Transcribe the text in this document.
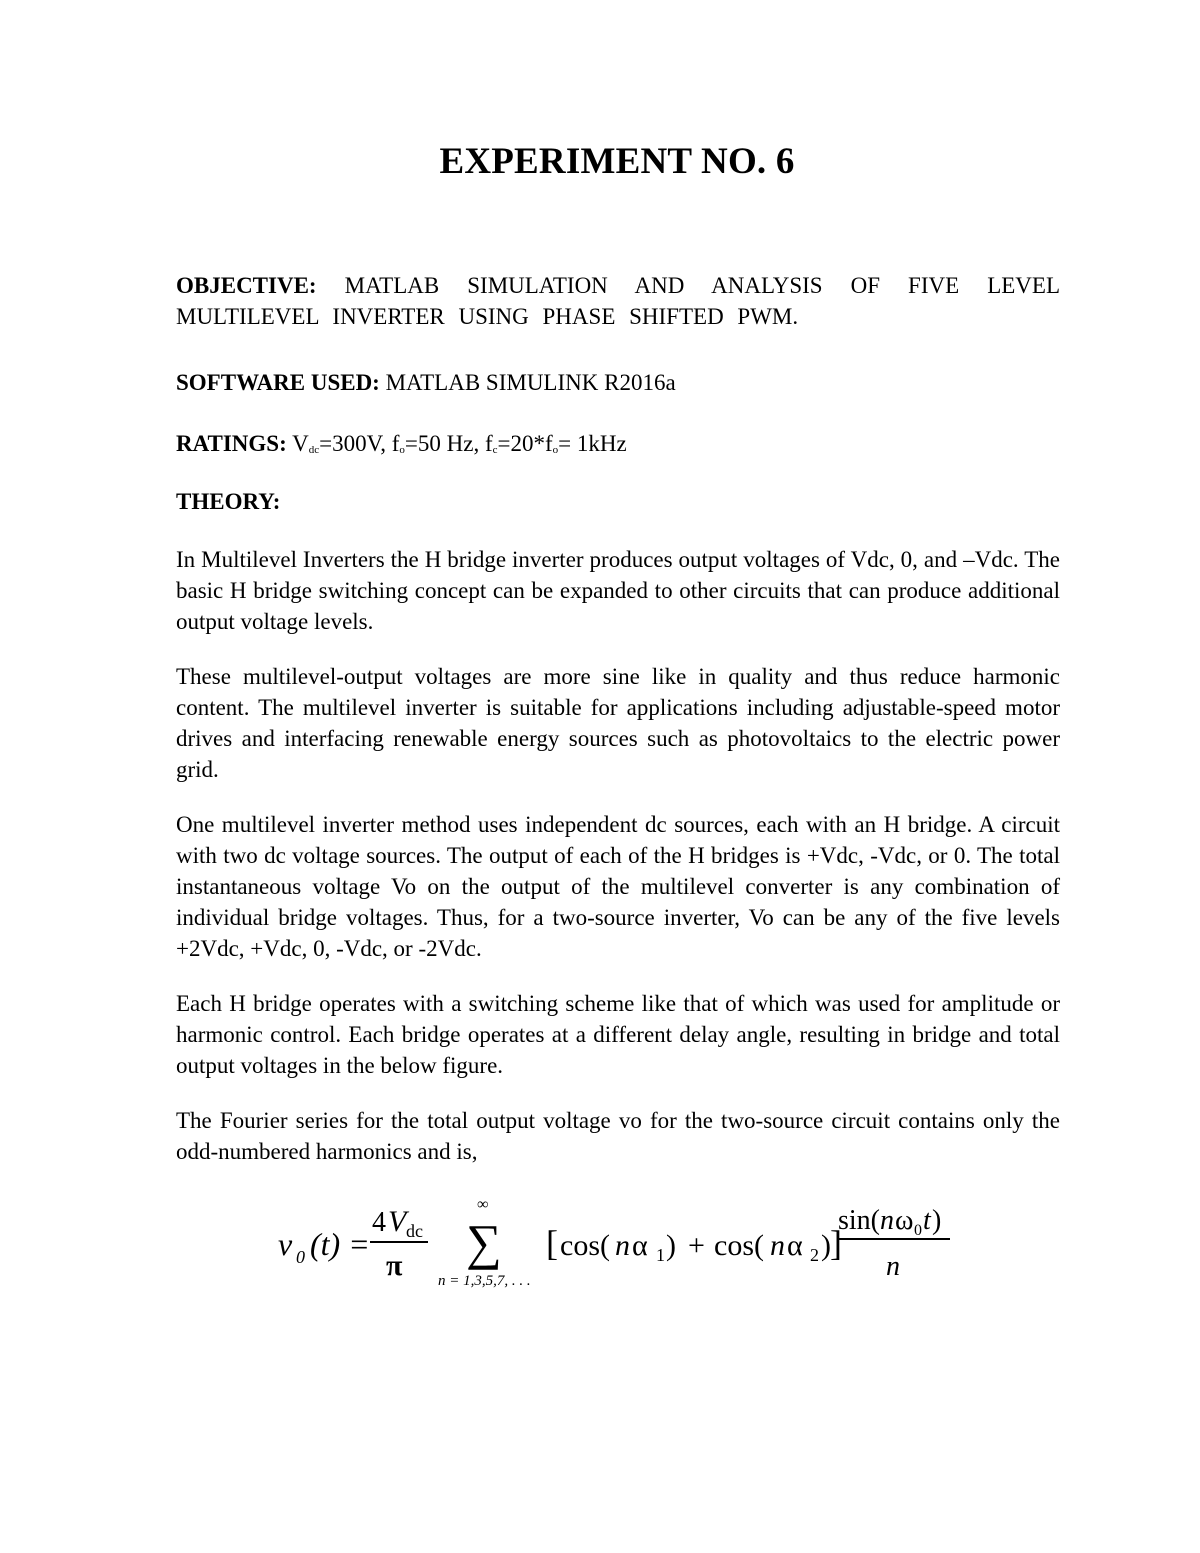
EXPERIMENT NO. 6

OBJECTIVE: MATLAB SIMULATION AND ANALYSIS OF FIVE LEVEL MULTILEVEL INVERTER USING PHASE SHIFTED PWM.

SOFTWARE USED: MATLAB SIMULINK R2016a

RATINGS: $V_{dc}=300V$, $f_o=50$ Hz, $f_c=20*f_o= 1kHz$

THEORY:

In Multilevel Inverters the H bridge inverter produces output voltages of Vdc, 0, and –Vdc. The basic H bridge switching concept can be expanded to other circuits that can produce additional output voltage levels.

These multilevel-output voltages are more sine like in quality and thus reduce harmonic content. The multilevel inverter is suitable for applications including adjustable-speed motor drives and interfacing renewable energy sources such as photovoltaics to the electric power grid.

One multilevel inverter method uses independent dc sources, each with an H bridge. A circuit with two dc voltage sources. The output of each of the H bridges is +Vdc, -Vdc, or 0. The total instantaneous voltage Vo on the output of the multilevel converter is any combination of individual bridge voltages. Thus, for a two-source inverter, Vo can be any of the five levels +2Vdc, +Vdc, 0, -Vdc, or -2Vdc.

Each H bridge operates with a switching scheme like that of which was used for amplitude or harmonic control. Each bridge operates at a different delay angle, resulting in bridge and total output voltages in the below figure.

The Fourier series for the total output voltage vo for the two-source circuit contains only the odd-numbered harmonics and is,

v 0 (t) =
4 V dc
π
∞
∑
n = 1,3,5,7, . . .
[ cos( n α 1 ) + cos( n α 2 ) ]
sin( n ω 0 t )
n
